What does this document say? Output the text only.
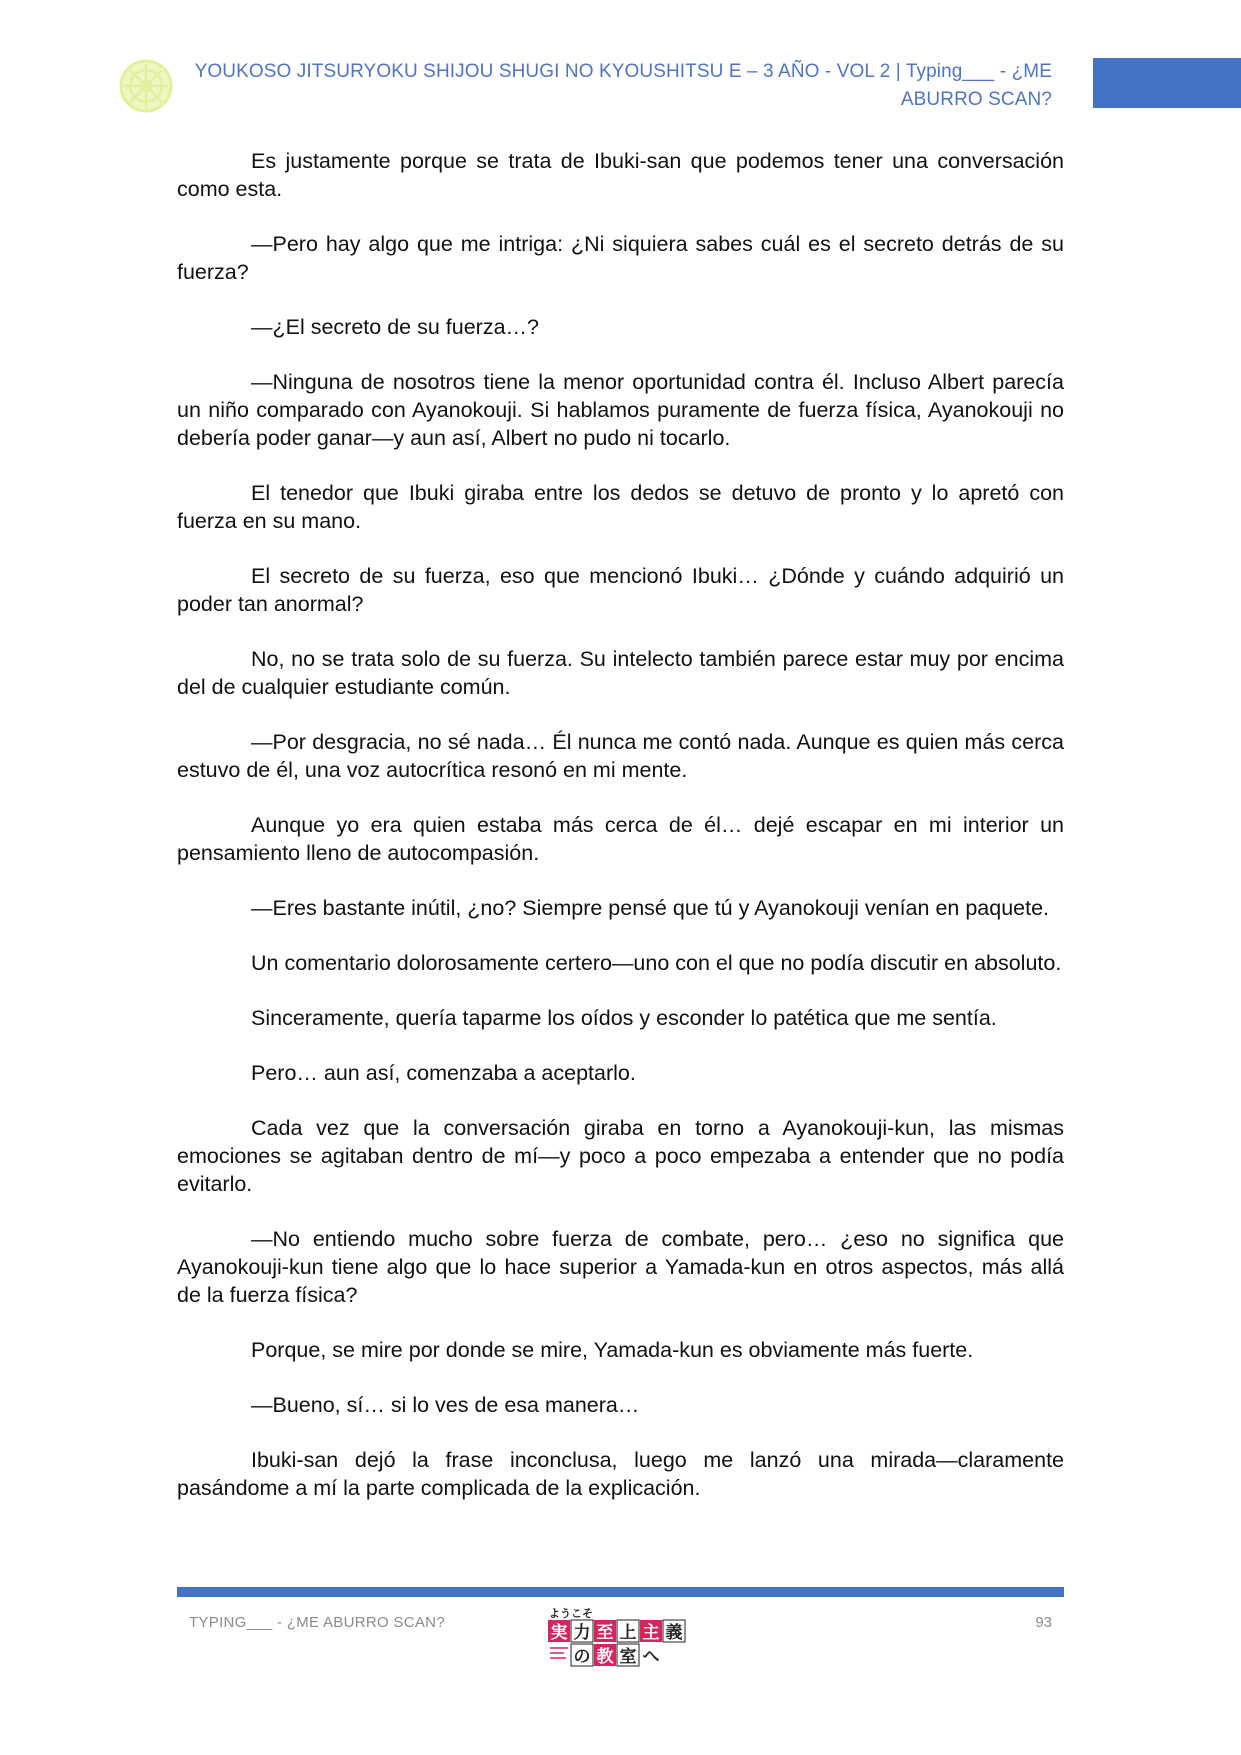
YOUKOSO JITSURYOKU SHIJOU SHUGI NO KYOUSHITSU E – 3 AÑO - VOL 2 | Typing___ - ¿ME
ABURRO SCAN?

Es justamente porque se trata de Ibuki-san que podemos tener una conversación como esta.

—Pero hay algo que me intriga: ¿Ni siquiera sabes cuál es el secreto detrás de su fuerza?

—¿El secreto de su fuerza…?

—Ninguna de nosotros tiene la menor oportunidad contra él. Incluso Albert parecía un niño comparado con Ayanokouji. Si hablamos puramente de fuerza física, Ayanokouji no debería poder ganar—y aun así, Albert no pudo ni tocarlo.

El tenedor que Ibuki giraba entre los dedos se detuvo de pronto y lo apretó con fuerza en su mano.

El secreto de su fuerza, eso que mencionó Ibuki… ¿Dónde y cuándo adquirió un poder tan anormal?

No, no se trata solo de su fuerza. Su intelecto también parece estar muy por encima del de cualquier estudiante común.

—Por desgracia, no sé nada… Él nunca me contó nada. Aunque es quien más cerca estuvo de él, una voz autocrítica resonó en mi mente.

Aunque yo era quien estaba más cerca de él… dejé escapar en mi interior un pensamiento lleno de autocompasión.

—Eres bastante inútil, ¿no? Siempre pensé que tú y Ayanokouji venían en paquete.

Un comentario dolorosamente certero—uno con el que no podía discutir en absoluto.

Sinceramente, quería taparme los oídos y esconder lo patética que me sentía.

Pero… aun así, comenzaba a aceptarlo.

Cada vez que la conversación giraba en torno a Ayanokouji-kun, las mismas emociones se agitaban dentro de mí—y poco a poco empezaba a entender que no podía evitarlo.

—No entiendo mucho sobre fuerza de combate, pero… ¿eso no significa que Ayanokouji-kun tiene algo que lo hace superior a Yamada-kun en otros aspectos, más allá de la fuerza física?

Porque, se mire por donde se mire, Yamada-kun es obviamente más fuerte.

—Bueno, sí… si lo ves de esa manera…

Ibuki-san dejó la frase inconclusa, luego me lanzó una mirada—claramente pasándome a mí la parte complicada de la explicación.

TYPING___ - ¿ME ABURRO SCAN?
ようこそ
実 力 至 上 主 義
の 教 室 へ
93
